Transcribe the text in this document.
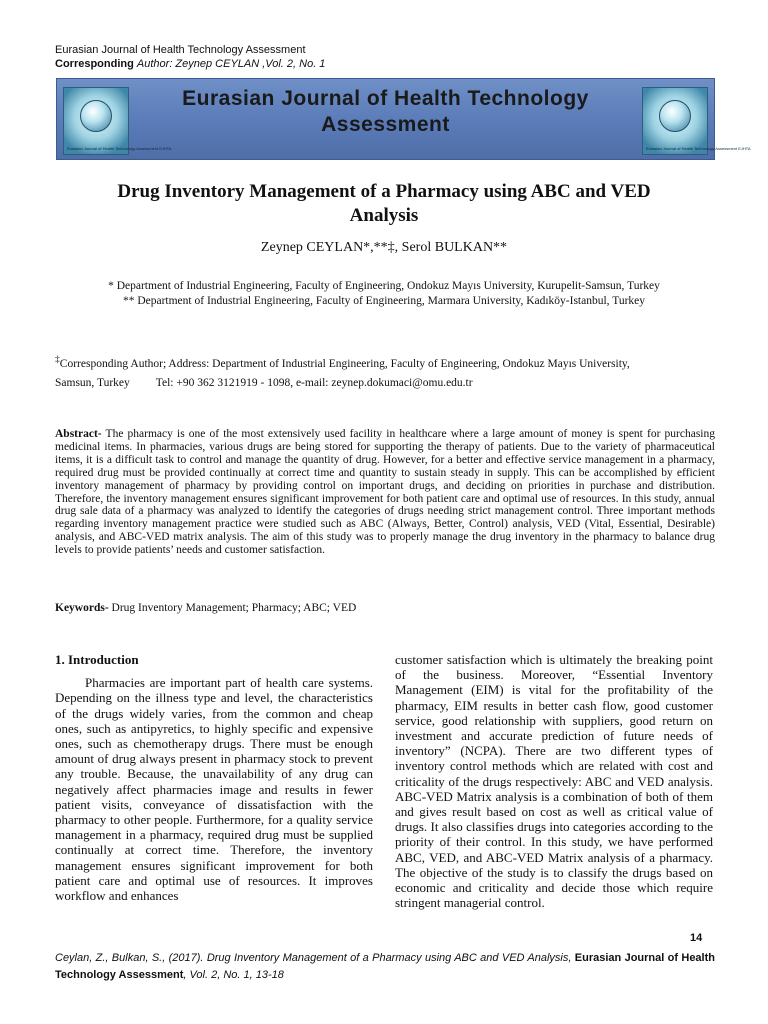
Eurasian Journal of Health Technology Assessment
Corresponding Author: Zeynep CEYLAN ,Vol. 2, No. 1
Eurasian Journal of Health Technology Assessment EJHTA
Eurasian Journal of Health Technology
Assessment
Eurasian Journal of Health Technology Assessment EJHTA
Drug Inventory Management of a Pharmacy using ABC and VED
Analysis
Zeynep CEYLAN*,**‡, Serol BULKAN**
* Department of Industrial Engineering, Faculty of Engineering, Ondokuz Mayıs University, Kurupelit-Samsun, Turkey
** Department of Industrial Engineering, Faculty of Engineering, Marmara University, Kadıköy-Istanbul, Turkey
‡Corresponding Author; Address: Department of Industrial Engineering, Faculty of Engineering, Ondokuz Mayıs University,
Samsun, Turkey Tel: +90 362 3121919 - 1098, e-mail: zeynep.dokumaci@omu.edu.tr
Abstract- The pharmacy is one of the most extensively used facility in healthcare where a large amount of money is spent for purchasing medicinal items. In pharmacies, various drugs are being stored for supporting the therapy of patients. Due to the variety of pharmaceutical items, it is a difficult task to control and manage the quantity of drug. However, for a better and effective service management in a pharmacy, required drug must be provided continually at correct time and quantity to sustain steady in supply. This can be accomplished by efficient inventory management of pharmacy by providing control on important drugs, and deciding on priorities in purchase and distribution. Therefore, the inventory management ensures significant improvement for both patient care and optimal use of resources. In this study, annual drug sale data of a pharmacy was analyzed to identify the categories of drugs needing strict management control. Three important methods regarding inventory management practice were studied such as ABC (Always, Better, Control) analysis, VED (Vital, Essential, Desirable) analysis, and ABC-VED matrix analysis. The aim of this study was to properly manage the drug inventory in the pharmacy to balance drug levels to provide patients’ needs and customer satisfaction.
Keywords- Drug Inventory Management; Pharmacy; ABC; VED
1. Introduction

Pharmacies are important part of health care systems. Depending on the illness type and level, the characteristics of the drugs widely varies, from the common and cheap ones, such as antipyretics, to highly specific and expensive ones, such as chemotherapy drugs. There must be enough amount of drug always present in pharmacy stock to prevent any trouble. Because, the unavailability of any drug can negatively affect pharmacies image and results in fewer patient visits, conveyance of dissatisfaction with the pharmacy to other people. Furthermore, for a quality service management in a pharmacy, required drug must be supplied continually at correct time. Therefore, the inventory management ensures significant improvement for both patient care and optimal use of resources. It improves workflow and enhances

customer satisfaction which is ultimately the breaking point of the business. Moreover, “Essential Inventory Management (EIM) is vital for the profitability of the pharmacy, EIM results in better cash flow, good customer service, good relationship with suppliers, good return on investment and accurate prediction of future needs of inventory” (NCPA). There are two different types of inventory control methods which are related with cost and criticality of the drugs respectively: ABC and VED analysis. ABC-VED Matrix analysis is a combination of both of them and gives result based on cost as well as critical value of drugs. It also classifies drugs into categories according to the priority of their control. In this study, we have performed ABC, VED, and ABC-VED Matrix analysis of a pharmacy. The objective of the study is to classify the drugs based on economic and criticality and decide those which require stringent managerial control.

14
Ceylan, Z., Bulkan, S., (2017). Drug Inventory Management of a Pharmacy using ABC and VED Analysis, Eurasian Journal of Health Technology Assessment, Vol. 2, No. 1, 13-18
